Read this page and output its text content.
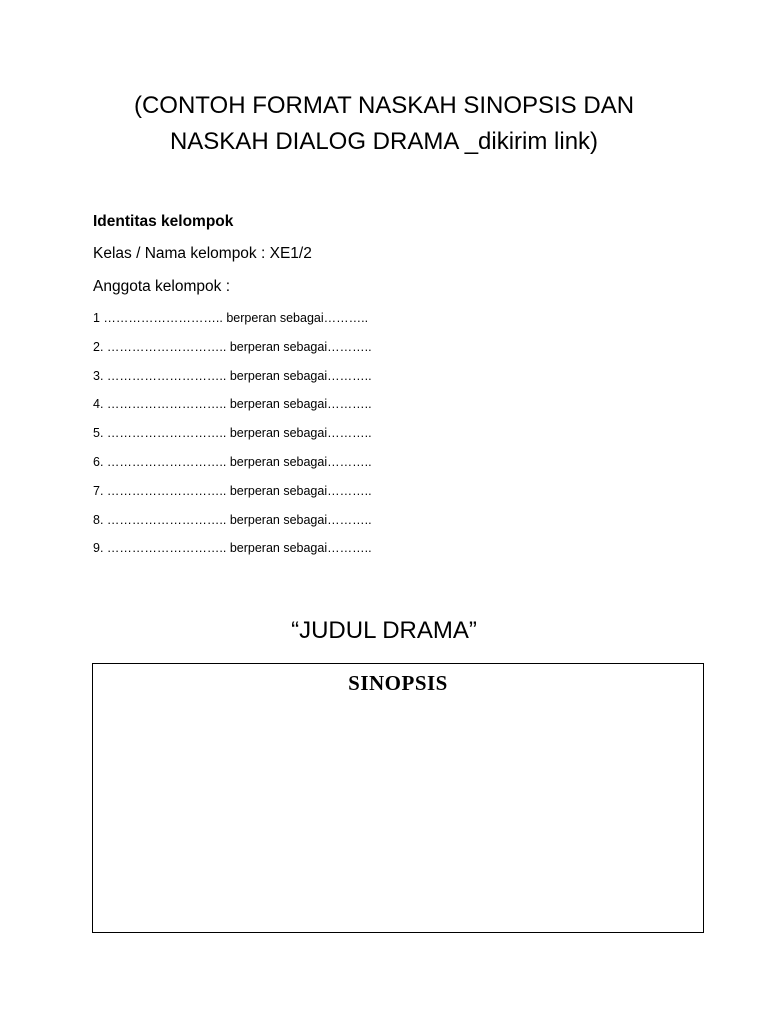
(CONTOH FORMAT NASKAH SINOPSIS DAN
NASKAH DIALOG DRAMA _dikirim link)

Identitas kelompok

Kelas / Nama kelompok : XE1/2

Anggota kelompok :

1 ……………………….. berperan sebagai………..
2. ……………………….. berperan sebagai………..
3. ……………………….. berperan sebagai………..
4. ……………………….. berperan sebagai………..
5. ……………………….. berperan sebagai………..
6. ……………………….. berperan sebagai………..
7. ……………………….. berperan sebagai………..
8. ……………………….. berperan sebagai………..
9. ……………………….. berperan sebagai………..
“JUDUL DRAMA”

SINOPSIS
